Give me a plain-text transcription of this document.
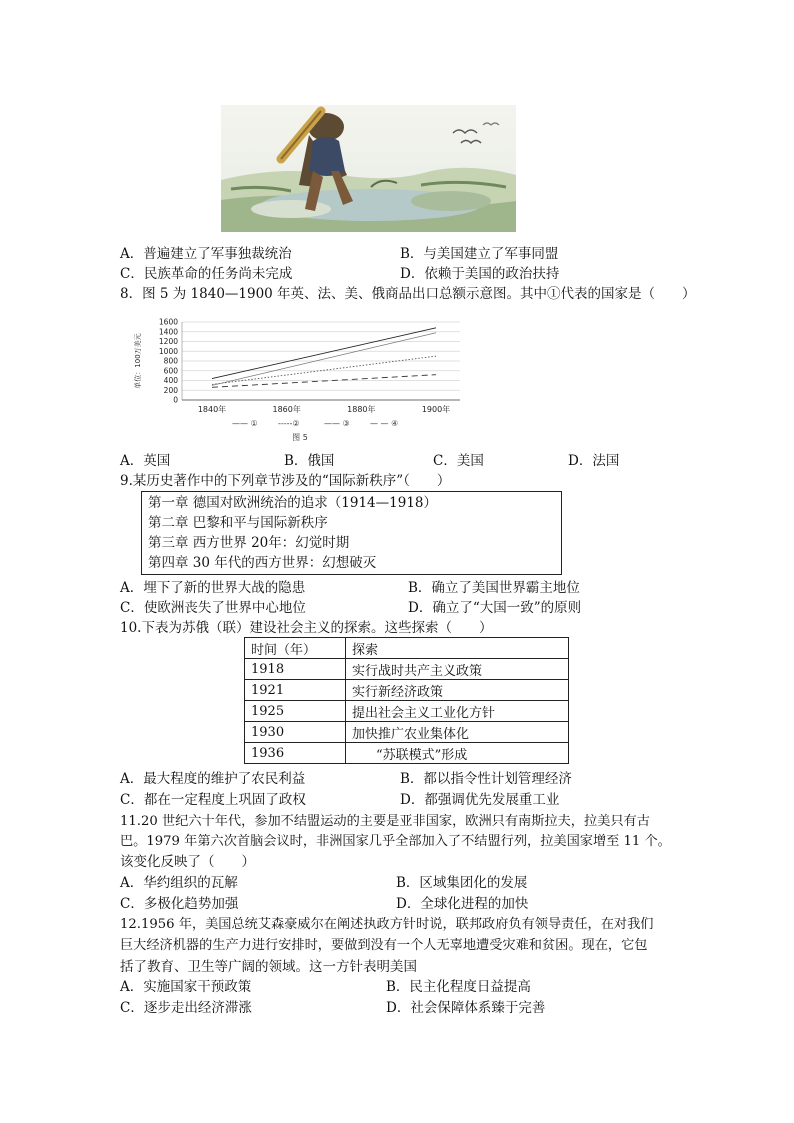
A．普遍建立了军事独裁统治	B．与美国建立了军事同盟
C．民族革命的任务尚未完成	D．依赖于美国的政治扶持
8．图 5 为 1840—1900 年英、法、美、俄商品出口总额示意图。其中①代表的国家是（　　）
0
200
400
600
800
1000
1200
1400
1600
单位：100万美元
1840年	1860年	1880年	1900年
—— ①	-----②	—— ③	— — ④
图 5
A．英国	B．俄国	C．美国	D．法国
9.某历史著作中的下列章节涉及的“国际新秩序”（　　）
第一章 德国对欧洲统治的追求（1914—1918）
第二章 巴黎和平与国际新秩序
第三章 西方世界 20年：幻觉时期
第四章 30 年代的西方世界：幻想破灭
A．埋下了新的世界大战的隐患	B．确立了美国世界霸主地位
C．使欧洲丧失了世界中心地位	D．确立了“大国一致”的原则
10.下表为苏俄（联）建设社会主义的探索。这些探索（　　）
时间（年）	探索
1918	实行战时共产主义政策
1921	实行新经济政策
1925	提出社会主义工业化方针
1930	加快推广农业集体化
1936	“苏联模式”形成
A．最大程度的维护了农民利益	B．都以指令性计划管理经济
C．都在一定程度上巩固了政权	D．都强调优先发展重工业
11.20 世纪六十年代，参加不结盟运动的主要是亚非国家，欧洲只有南斯拉夫，拉美只有古
巴。1979 年第六次首脑会议时，非洲国家几乎全部加入了不结盟行列，拉美国家增至 11 个。
该变化反映了（　　）
A．华约组织的瓦解	B．区域集团化的发展
C．多极化趋势加强	D．全球化进程的加快
12.1956 年，美国总统艾森豪威尔在阐述执政方针时说，联邦政府负有领导责任，在对我们
巨大经济机器的生产力进行安排时，要做到没有一个人无辜地遭受灾难和贫困。现在，它包
括了教育、卫生等广阔的领域。这一方针表明美国
A．实施国家干预政策	B．民主化程度日益提高
C．逐步走出经济滞涨	D．社会保障体系臻于完善
